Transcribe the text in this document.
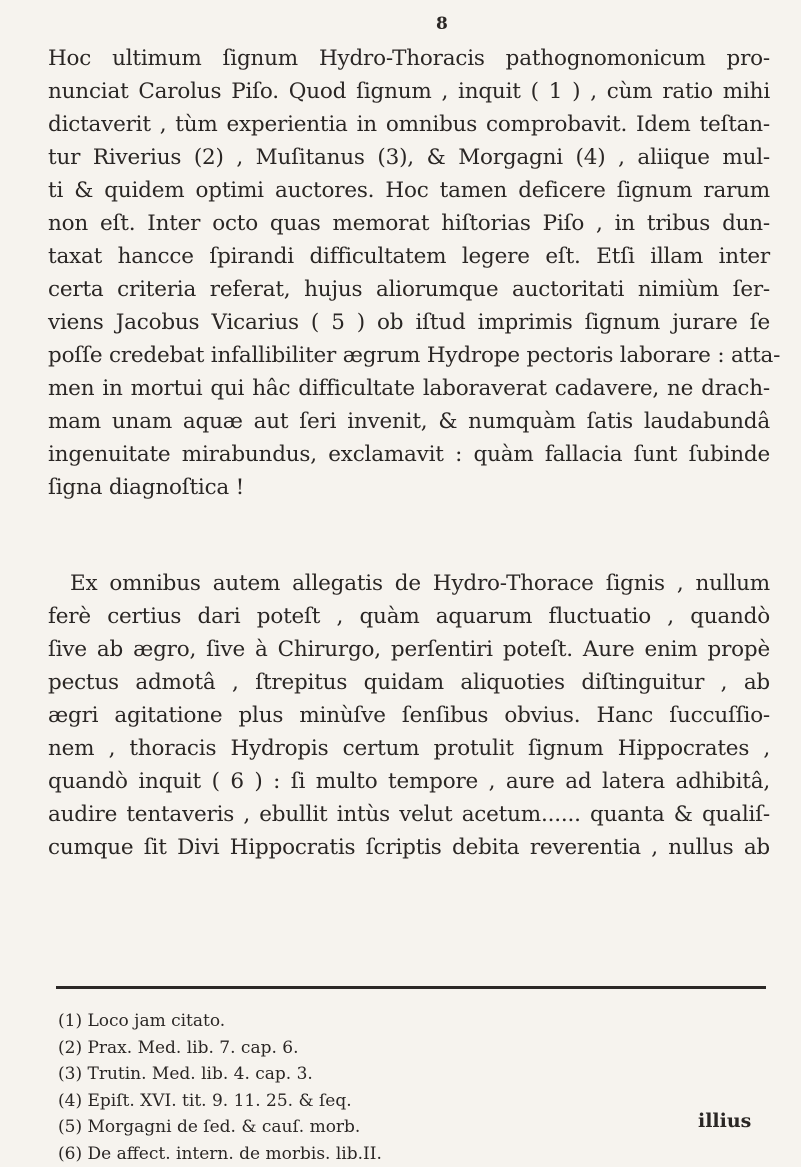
8
Hoc ultimum ſignum Hydro-Thoracis pathognomonicum pro-
nunciat Carolus Piſo. Quod ſignum , inquit ( 1 ) , cùm ratio mihi
dictaverit , tùm experientia in omnibus comprobavit. Idem teſtan-
tur Riverius (2) , Muſitanus (3), & Morgagni (4) , aliique mul-
ti & quidem optimi auctores. Hoc tamen deficere ſignum rarum
non eſt. Inter octo quas memorat hiſtorias Piſo , in tribus dun-
taxat hancce ſpirandi difficultatem legere eſt. Etſi illam inter
certa criteria referat, hujus aliorumque auctoritati nimiùm ſer-
viens Jacobus Vicarius ( 5 ) ob iſtud imprimis ſignum jurare ſe
poſſe credebat infallibiliter ægrum Hydrope pectoris laborare : atta-
men in mortui qui hâc difficultate laboraverat cadavere, ne drach-
mam unam aquæ aut ſeri invenit, & numquàm ſatis laudabundâ
ingenuitate mirabundus, exclamavit : quàm fallacia ſunt ſubinde
ſigna diagnoſtica !
Ex omnibus autem allegatis de Hydro-Thorace ſignis , nullum
ferè certius dari poteſt , quàm aquarum fluctuatio , quandò
ſive ab ægro, ſive à Chirurgo, perſentiri poteſt. Aure enim propè
pectus admotâ , ſtrepitus quidam aliquoties diſtinguitur , ab
ægri agitatione plus minùſve ſenſibus obvius. Hanc ſuccuſſio-
nem , thoracis Hydropis certum protulit ſignum Hippocrates ,
quandò inquit ( 6 ) : ſi multo tempore , aure ad latera adhibitâ,
audire tentaveris , ebullit intùs velut acetum...... quanta & qualiſ-
cumque ſit Divi Hippocratis ſcriptis debita reverentia , nullus ab
(1) Loco jam citato.
(2) Prax. Med. lib. 7. cap. 6.
(3) Trutin. Med. lib. 4. cap. 3.
(4) Epiſt. XVI. tit. 9. 11. 25. & ſeq.
(5) Morgagni de ſed. & cauſ. morb.
(6) De affect. intern. de morbis. lib.II.
illius
